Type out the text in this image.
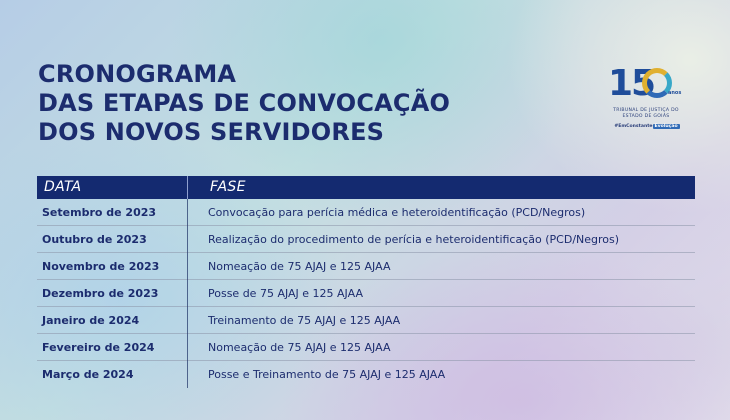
CRONOGRAMA
DAS ETAPAS DE CONVOCAÇÃO
DOS NOVOS SERVIDORES
15	anos
TRIBUNAL DE JUSTIÇA DO
ESTADO DE GOIÁS
#EmConstante Evolução
DATA	FASE
Setembro de 2023	Convocação para perícia médica e heteroidentificação (PCD/Negros)
Outubro de 2023	Realização do procedimento de perícia e heteroidentificação (PCD/Negros)
Novembro de 2023	Nomeação de 75 AJAJ e 125 AJAA
Dezembro de 2023	Posse de 75 AJAJ e 125 AJAA
Janeiro de 2024	Treinamento de 75 AJAJ e 125 AJAA
Fevereiro de 2024	Nomeação de 75 AJAJ e 125 AJAA
Março de 2024	Posse e Treinamento de 75 AJAJ e 125 AJAA
